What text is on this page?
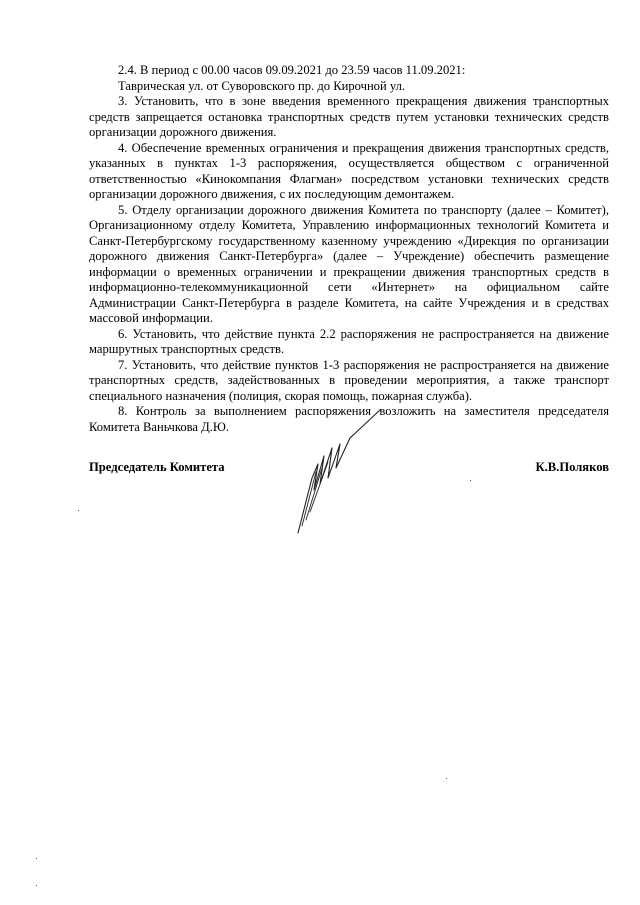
2.4. В период с 00.00 часов 09.09.2021 до 23.59 часов 11.09.2021:
Таврическая ул. от Суворовского пр. до Кирочной ул.

3. Установить, что в зоне введения временного прекращения движения транспортных средств запрещается остановка транспортных средств путем установки технических средств организации дорожного движения.

4. Обеспечение временных ограничения и прекращения движения транспортных средств, указанных в пунктах 1-3 распоряжения, осуществляется обществом с ограниченной ответственностью «Кинокомпания Флагман» посредством установки технических средств организации дорожного движения, с их последующим демонтажем.

5. Отделу организации дорожного движения Комитета по транспорту (далее – Комитет), Организационному отделу Комитета, Управлению информационных технологий Комитета и Санкт-Петербургскому государственному казенному учреждению «Дирекция по организации дорожного движения Санкт-Петербурга» (далее – Учреждение) обеспечить размещение информации о временных ограничении и прекращении движения транспортных средств в информационно-телекоммуникационной сети «Интернет» на официальном сайте Администрации Санкт-Петербурга в разделе Комитета, на сайте Учреждения и в средствах массовой информации.

6. Установить, что действие пункта 2.2 распоряжения не распространяется на движение маршрутных транспортных средств.

7. Установить, что действие пунктов 1-3 распоряжения не распространяется на движение транспортных средств, задействованных в проведении мероприятия, а также транспорт специального назначения (полиция, скорая помощь, пожарная служба).

8. Контроль за выполнением распоряжения возложить на заместителя председателя Комитета Ваньчкова Д.Ю.

Председатель Комитета	К.В.Поляков
